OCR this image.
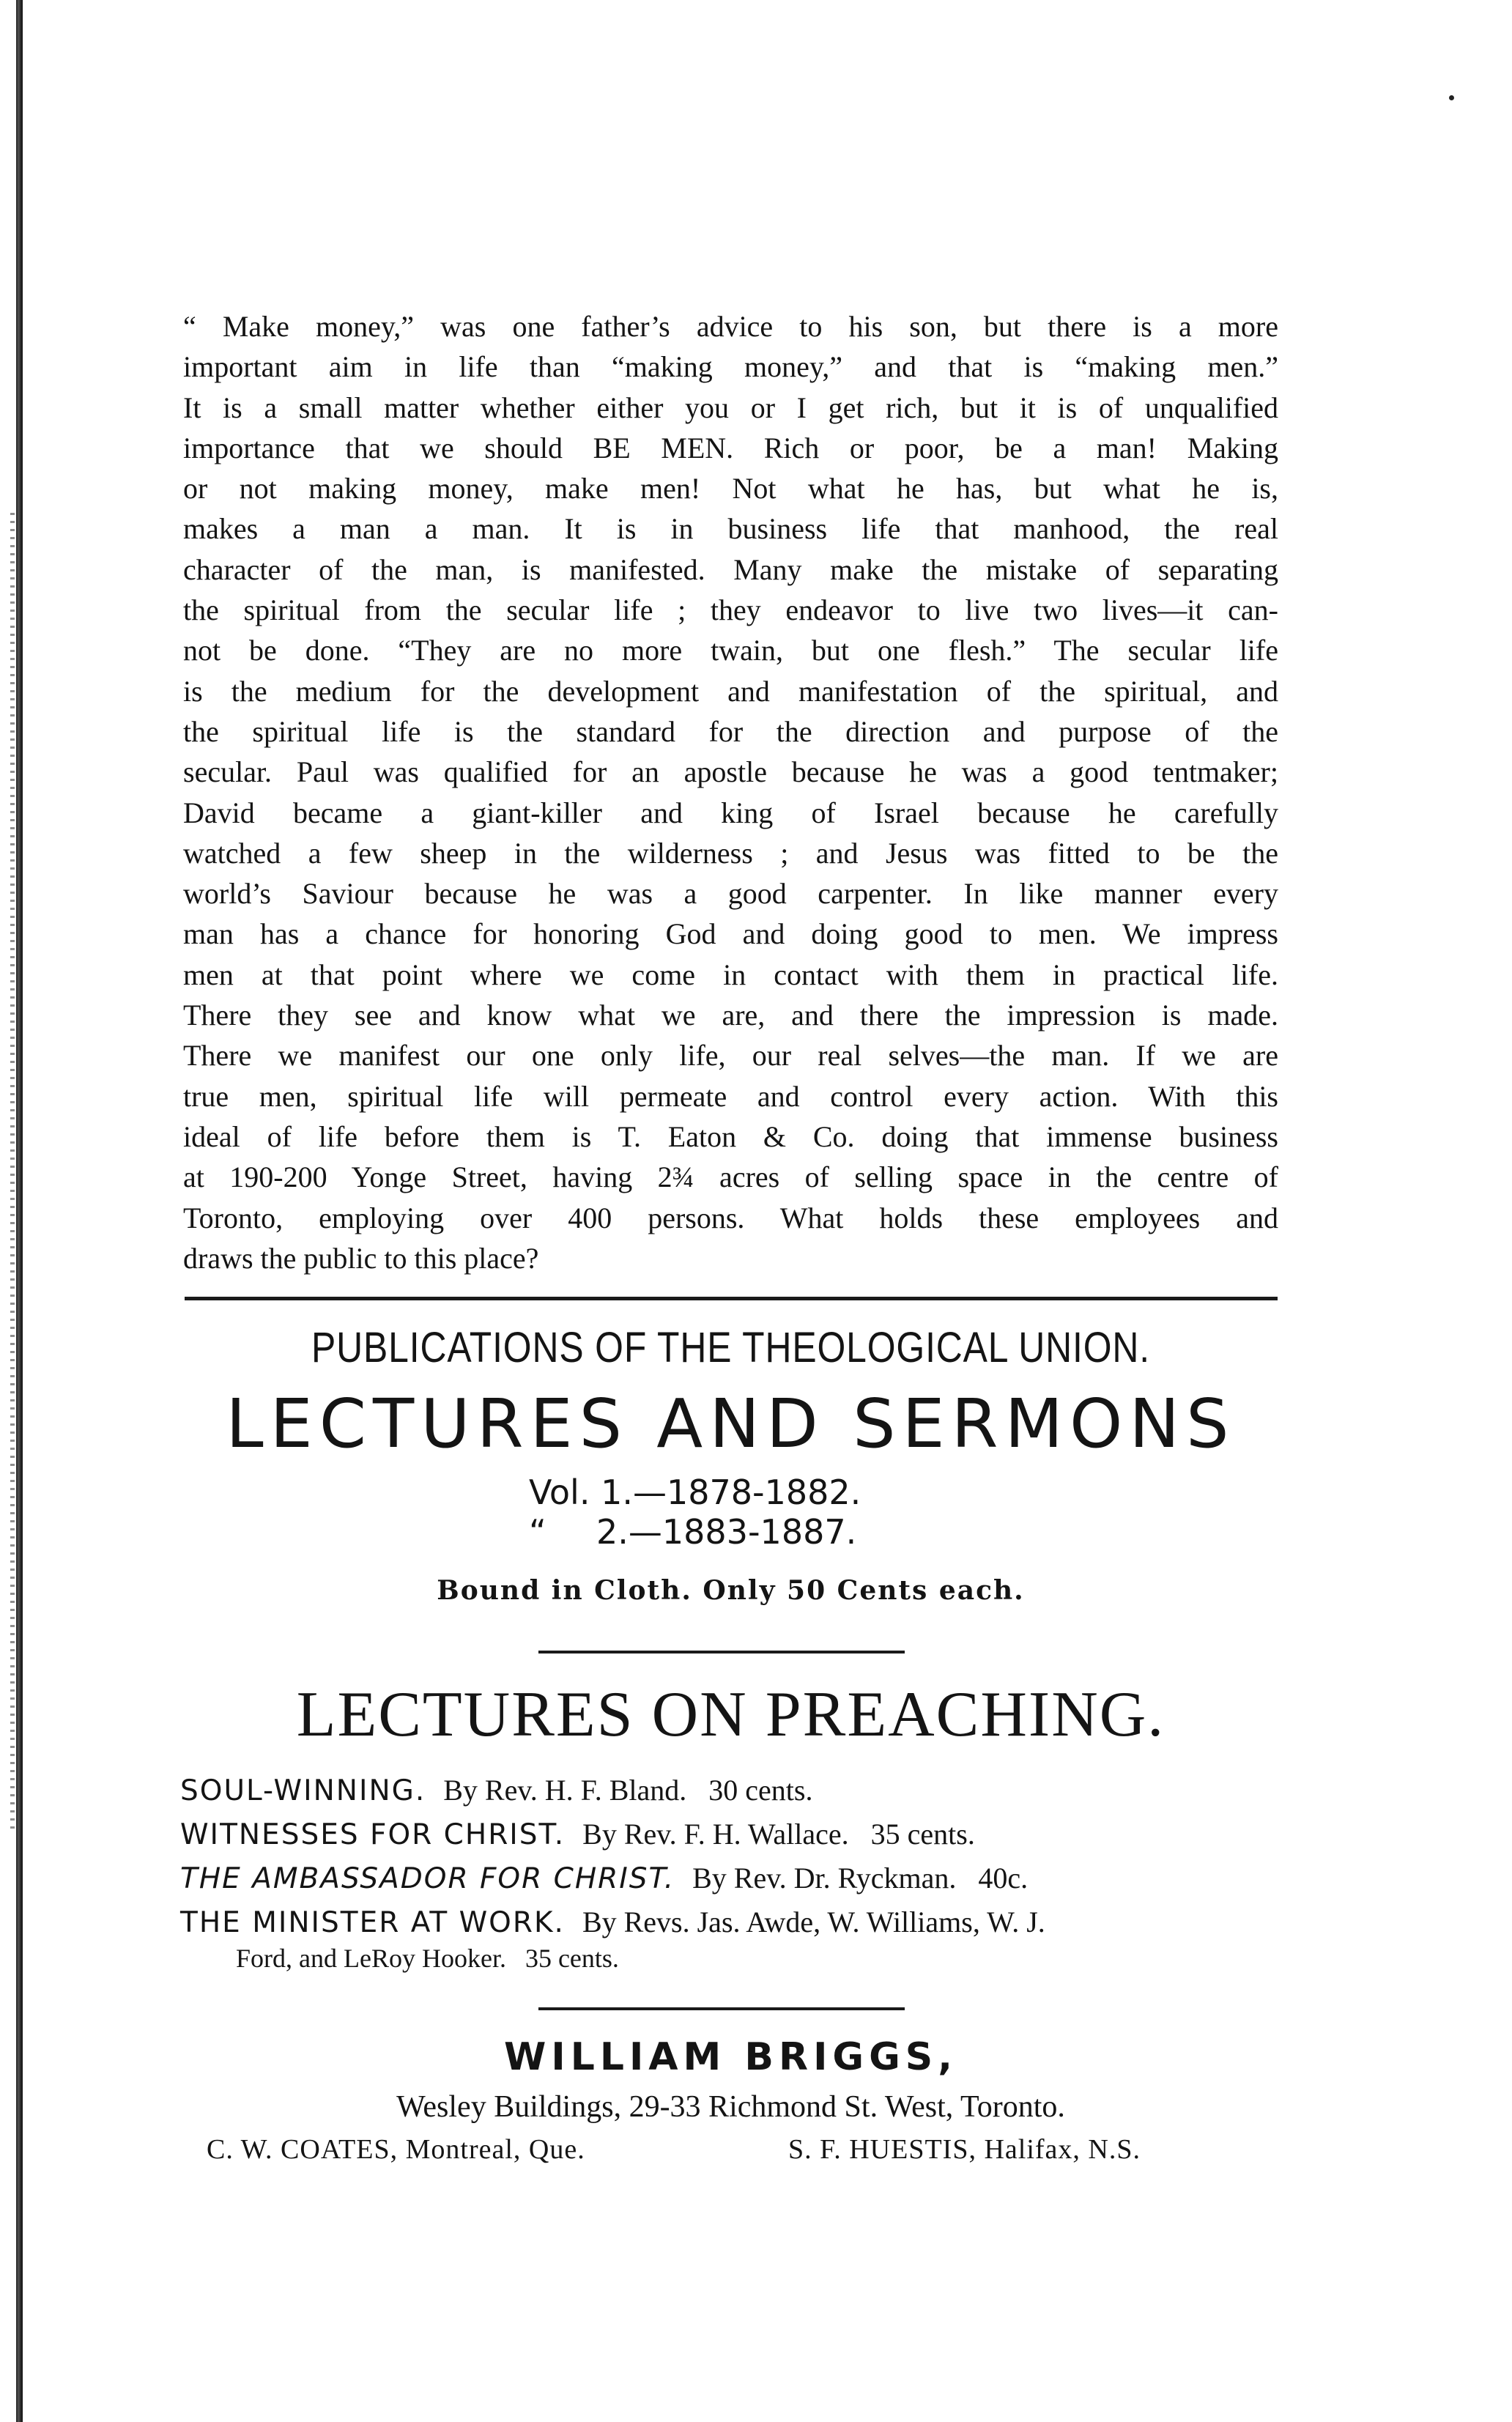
“ Make money,” was one father’s advice to his son, but there is a more
important aim in life than “making money,” and that is “making men.”
It is a small matter whether either you or I get rich, but it is of unqualified
importance that we should BE MEN. Rich or poor, be a man! Making
or not making money, make men! Not what he has, but what he is,
makes a man a man. It is in business life that manhood, the real
character of the man, is manifested. Many make the mistake of separating
the spiritual from the secular life ; they endeavor to live two lives—it can-
not be done. “They are no more twain, but one flesh.” The secular life
is the medium for the development and manifestation of the spiritual, and
the spiritual life is the standard for the direction and purpose of the
secular. Paul was qualified for an apostle because he was a good tentmaker;
David became a giant-killer and king of Israel because he carefully
watched a few sheep in the wilderness ; and Jesus was fitted to be the
world’s Saviour because he was a good carpenter. In like manner every
man has a chance for honoring God and doing good to men. We impress
men at that point where we come in contact with them in practical life.
There they see and know what we are, and there the impression is made.
There we manifest our one only life, our real selves—the man. If we are
true men, spiritual life will permeate and control every action. With this
ideal of life before them is T. Eaton & Co. doing that immense business
at 190-200 Yonge Street, having 2¾ acres of selling space in the centre of
Toronto, employing over 400 persons. What holds these employees and
draws the public to this place?
PUBLICATIONS OF THE THEOLOGICAL UNION.
LECTURES AND SERMONS
Vol. 1.—1878-1882.
“ 2.—1883-1887.
Bound in Cloth. Only 50 Cents each.
LECTURES ON PREACHING.
SOUL-WINNING. By Rev. H. F. Bland. 30 cents.
WITNESSES FOR CHRIST. By Rev. F. H. Wallace. 35 cents.
THE AMBASSADOR FOR CHRIST. By Rev. Dr. Ryckman. 40c.
THE MINISTER AT WORK. By Revs. Jas. Awde, W. Williams, W. J.
Ford, and LeRoy Hooker. 35 cents.
WILLIAM BRIGGS,
Wesley Buildings, 29-33 Richmond St. West, Toronto.
C. W. COATES, Montreal, Que.	S. F. HUESTIS, Halifax, N.S.
